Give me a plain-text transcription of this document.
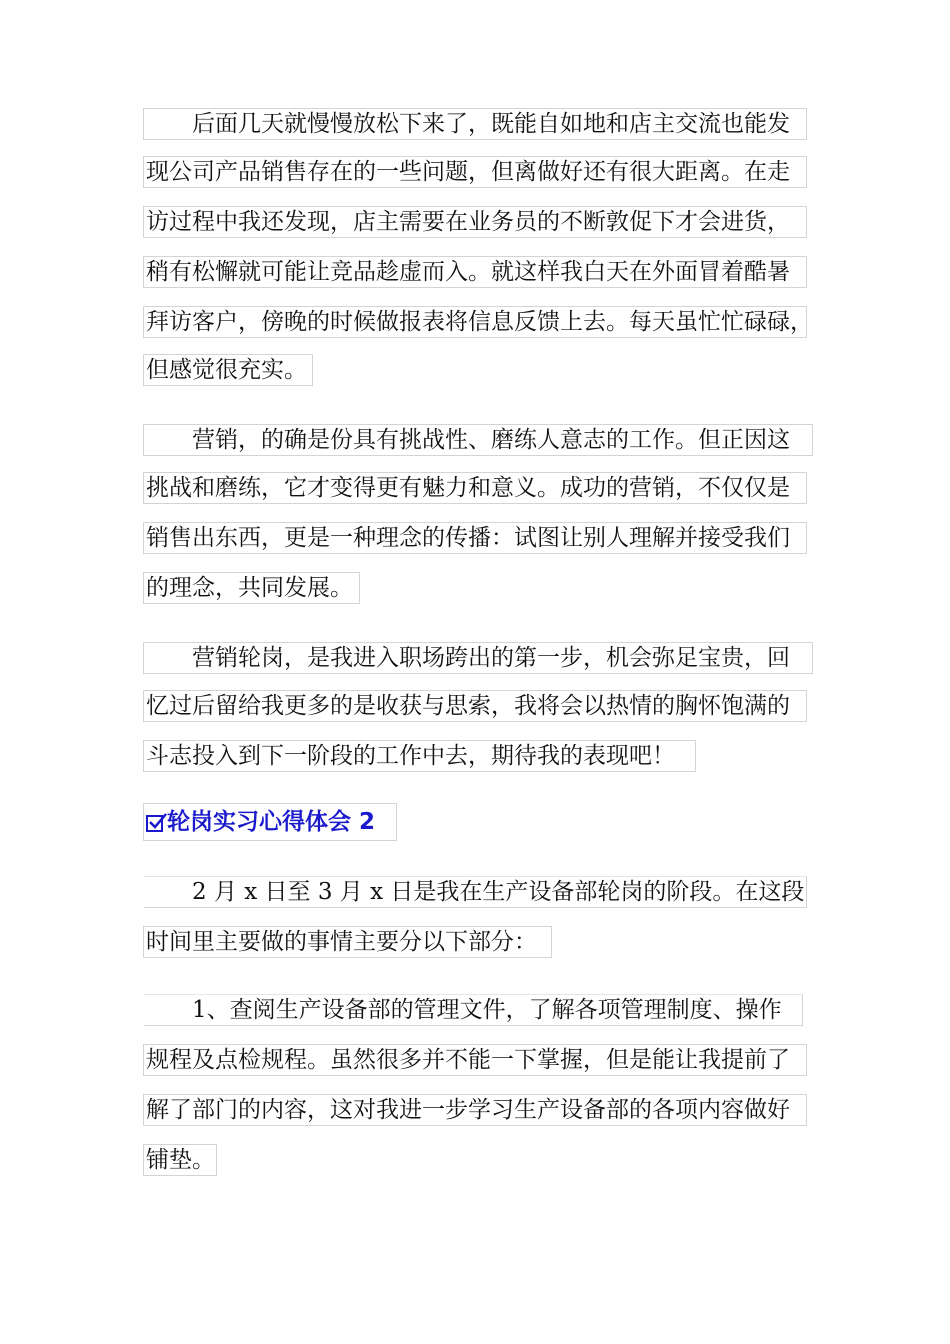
后面几天就慢慢放松下来了，既能自如地和店主交流也能发
现公司产品销售存在的一些问题，但离做好还有很大距离。在走
访过程中我还发现，店主需要在业务员的不断敦促下才会进货，
稍有松懈就可能让竞品趁虚而入。就这样我白天在外面冒着酷暑
拜访客户，傍晚的时候做报表将信息反馈上去。每天虽忙忙碌碌，
但感觉很充实。
营销，的确是份具有挑战性、磨练人意志的工作。但正因这
挑战和磨练，它才变得更有魅力和意义。成功的营销，不仅仅是
销售出东西，更是一种理念的传播：试图让别人理解并接受我们
的理念，共同发展。
营销轮岗，是我进入职场跨出的第一步，机会弥足宝贵，回
忆过后留给我更多的是收获与思索，我将会以热情的胸怀饱满的
斗志投入到下一阶段的工作中去，期待我的表现吧！
轮岗实习心得体会 2
2 月 x 日至 3 月 x 日是我在生产设备部轮岗的阶段。在这段
时间里主要做的事情主要分以下部分：
1、查阅生产设备部的管理文件，了解各项管理制度、操作
规程及点检规程。虽然很多并不能一下掌握，但是能让我提前了
解了部门的内容，这对我进一步学习生产设备部的各项内容做好
铺垫。
